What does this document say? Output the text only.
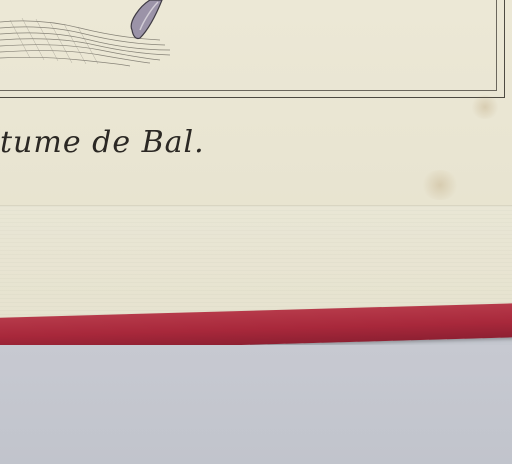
tume de Bal.
